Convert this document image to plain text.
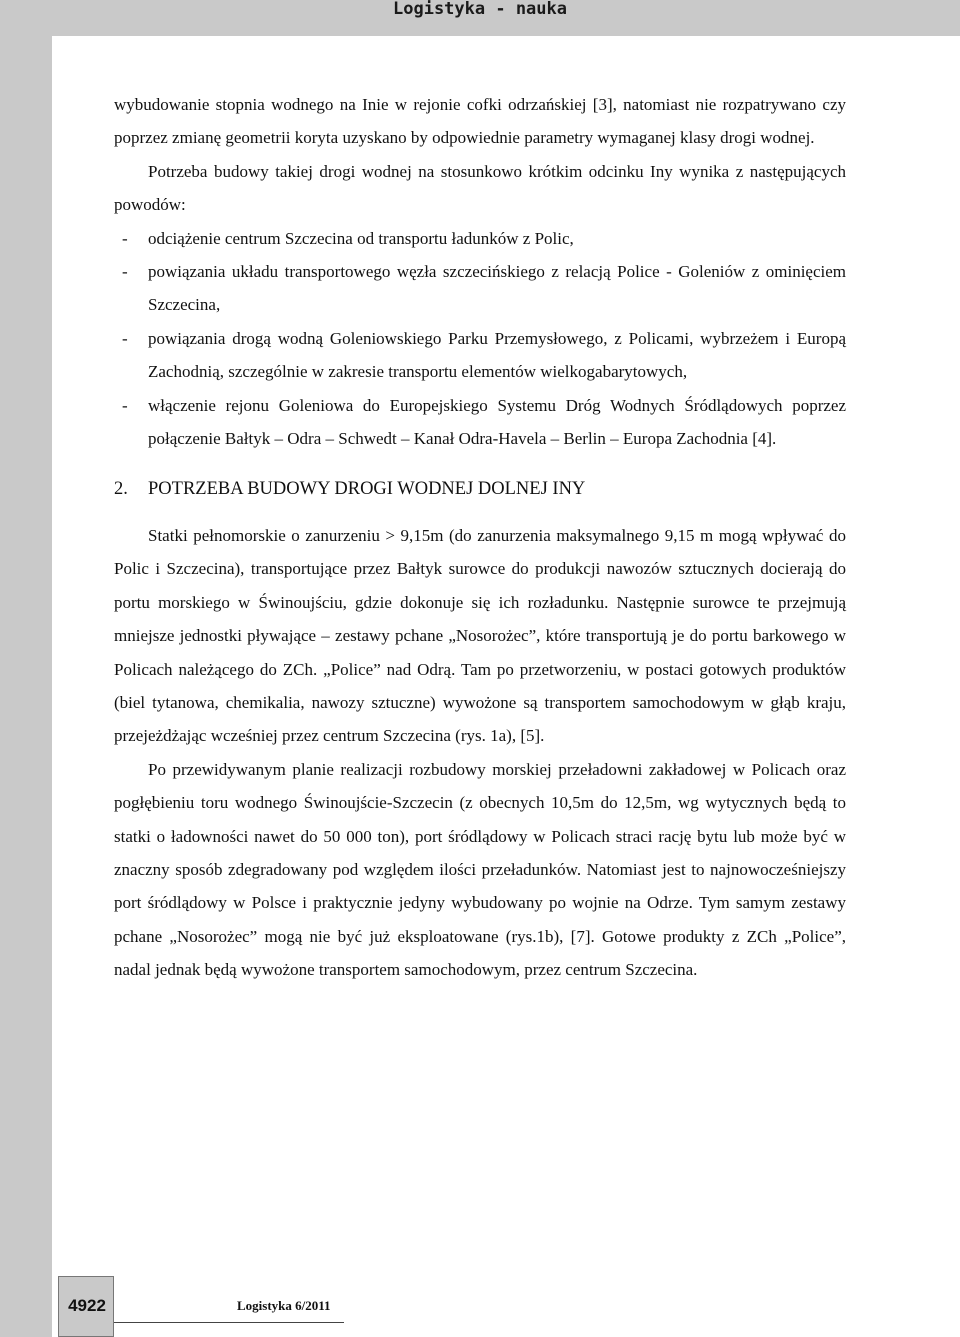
Logistyka - nauka

wybudowanie stopnia wodnego na Inie w rejonie cofki odrzańskiej [3], natomiast nie rozpatrywano czy poprzez zmianę geometrii koryta uzyskano by odpowiednie parametry wymaganej klasy drogi wodnej.

Potrzeba budowy takiej drogi wodnej na stosunkowo krótkim odcinku Iny wynika z następujących powodów:

- odciążenie centrum Szczecina od transportu ładunków z Polic,
- powiązania układu transportowego węzła szczecińskiego z relacją Police - Goleniów z ominięciem Szczecina,
- powiązania drogą wodną Goleniowskiego Parku Przemysłowego, z Policami, wybrzeżem i Europą Zachodnią, szczególnie w zakresie transportu elementów wielkogabarytowych,
- włączenie rejonu Goleniowa do Europejskiego Systemu Dróg Wodnych Śródlądowych poprzez połączenie Bałtyk – Odra – Schwedt – Kanał Odra-Havela – Berlin – Europa Zachodnia [4].
2.	POTRZEBA BUDOWY DROGI WODNEJ DOLNEJ INY

Statki pełnomorskie o zanurzeniu > 9,15m (do zanurzenia maksymalnego 9,15 m mogą wpływać do Polic i Szczecina), transportujące przez Bałtyk surowce do produkcji nawozów sztucznych docierają do portu morskiego w Świnoujściu, gdzie dokonuje się ich rozładunku. Następnie surowce te przejmują mniejsze jednostki pływające – zestawy pchane „Nosorożec”, które transportują je do portu barkowego w Policach należącego do ZCh. „Police” nad Odrą. Tam po przetworzeniu, w postaci gotowych produktów (biel tytanowa, chemikalia, nawozy sztuczne) wywożone są transportem samochodowym w głąb kraju, przejeżdżając wcześniej przez centrum Szczecina (rys. 1a), [5].

Po przewidywanym planie realizacji rozbudowy morskiej przeładowni zakładowej w Policach oraz pogłębieniu toru wodnego Świnoujście-Szczecin (z obecnych 10,5m do 12,5m, wg wytycznych będą to statki o ładowności nawet do 50 000 ton), port śródlądowy w Policach straci rację bytu lub może być w znaczny sposób zdegradowany pod względem ilości przeładunków. Natomiast jest to najnowocześniejszy port śródlądowy w Polsce i praktycznie jedyny wybudowany po wojnie na Odrze. Tym samym zestawy pchane „Nosorożec” mogą nie być już eksploatowane (rys.1b), [7]. Gotowe produkty z ZCh „Police”, nadal jednak będą wywożone transportem samochodowym, przez centrum Szczecina.

4922	Logistyka 6/2011
